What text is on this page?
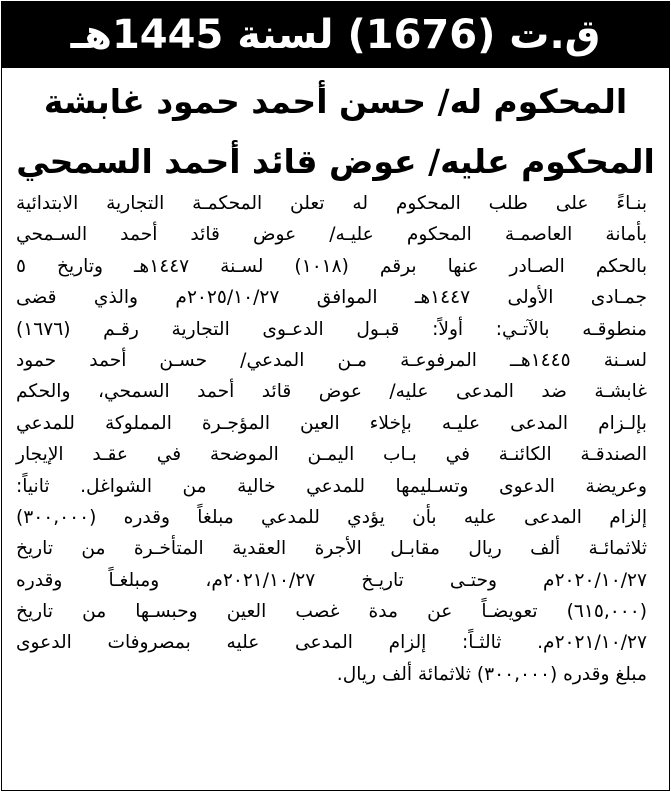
ق.ت (1676) لسنة 1445هـ
المحكوم له/ حسن أحمد حمود غابشة
المحكوم عليه/ عوض قائد أحمد السمحي
بنـاءً على طلب المحكوم له تعلن المحكمـة التجارية الابتدائية
بأمانة العاصمـة المحكوم عليـه/ عوض قائد أحمد السـمحي
بالحكم الصـادر عنها برقم (١٠١٨) لسـنة ١٤٤٧هـ وتاريخ ٥
جمـادى الأولى ١٤٤٧هـ الموافق ٢٠٢٥/١٠/٢٧م والذي قضى
منطوقـه بالآتـي: أولاً: قبـول الدعـوى التجارية رقـم (١٦٧٦)
لسـنة ١٤٤٥هــ المرفوعـة مـن المدعي/ حسـن أحمد حمود
غابشـة ضد المدعى عليه/ عوض قائد أحمد السمحي، والحكم
بإلـزام المدعى عليـه بإخلاء العين المؤجـرة المملوكة للمدعي
الصندقـة الكائنـة في بـاب اليمـن الموضحة في عقـد الإيجار
وعريضة الدعوى وتسـليمها للمدعي خالية من الشواغل. ثانياً:
إلزام المدعى عليه بأن يؤدي للمدعي مبلغاً وقدره (٣٠٠,٠٠٠)
ثلاثمائـة ألف ريال مقابـل الأجرة العقدية المتأخـرة من تاريخ
٢٠٢٠/١٠/٢٧م وحتـى تاريـخ ٢٠٢١/١٠/٢٧م، ومبلغـاً وقدره
(٦١٥,٠٠٠) تعويضـاً عن مدة غصب العين وحبسـها من تاريخ
٢٠٢١/١٠/٢٧م. ثالثـاً: إلزام المدعى عليه بمصروفات الدعوى
مبلغ وقدره (٣٠٠,٠٠٠) ثلاثمائة ألف ريال.
